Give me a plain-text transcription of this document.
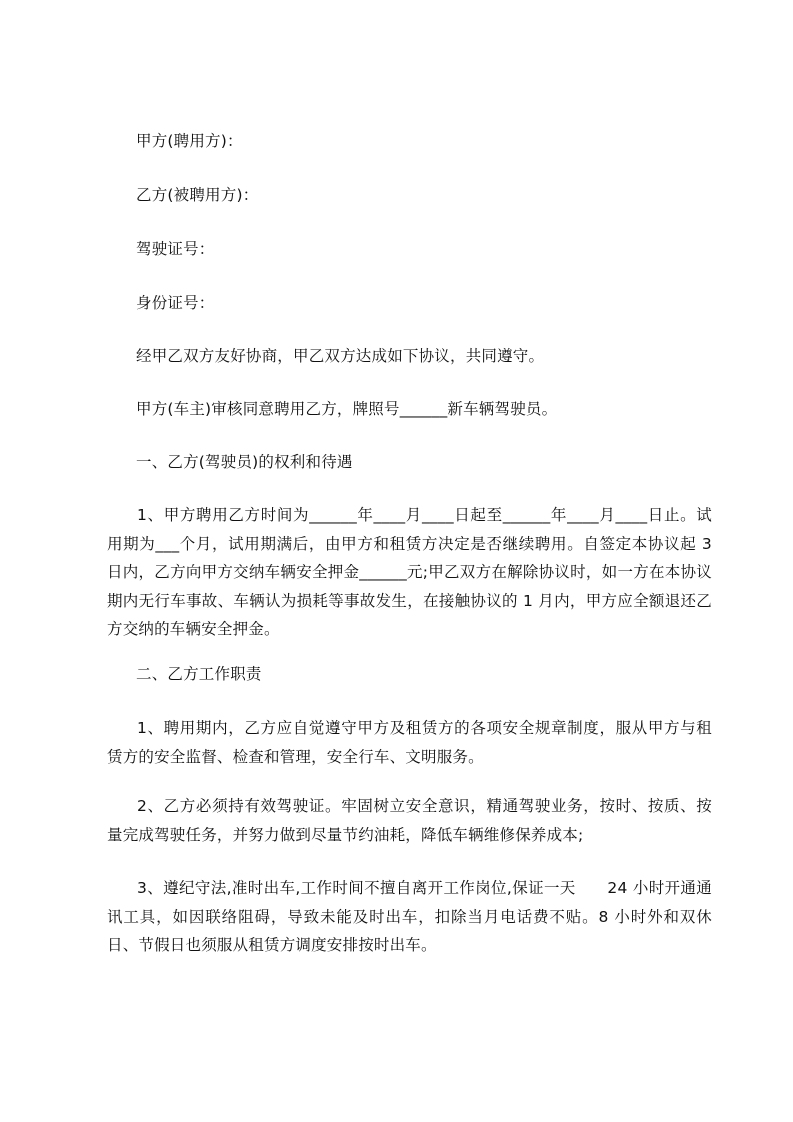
甲方(聘用方)：
乙方(被聘用方)：
驾驶证号：
身份证号：
经甲乙双方友好协商，甲乙双方达成如下协议，共同遵守。
甲方(车主)审核同意聘用乙方，牌照号______新车辆驾驶员。
一、乙方(驾驶员)的权利和待遇
1、甲方聘用乙方时间为______年____月____日起至______年____月____日止。试用期为___个月，试用期满后，由甲方和租赁方决定是否继续聘用。自签定本协议起 3 日内，乙方向甲方交纳车辆安全押金______元;甲乙双方在解除协议时，如一方在本协议期内无行车事故、车辆认为损耗等事故发生，在接触协议的 1 月内，甲方应全额退还乙方交纳的车辆安全押金。
二、乙方工作职责
1、聘用期内，乙方应自觉遵守甲方及租赁方的各项安全规章制度，服从甲方与租赁方的安全监督、检查和管理，安全行车、文明服务。
2、乙方必须持有效驾驶证。牢固树立安全意识，精通驾驶业务，按时、按质、按量完成驾驶任务，并努力做到尽量节约油耗，降低车辆维修保养成本;
3、遵纪守法,准时出车,工作时间不擅自离开工作岗位,保证一天　　24 小时开通通讯工具，如因联络阻碍，导致未能及时出车，扣除当月电话费不贴。8 小时外和双休日、节假日也须服从租赁方调度安排按时出车。
